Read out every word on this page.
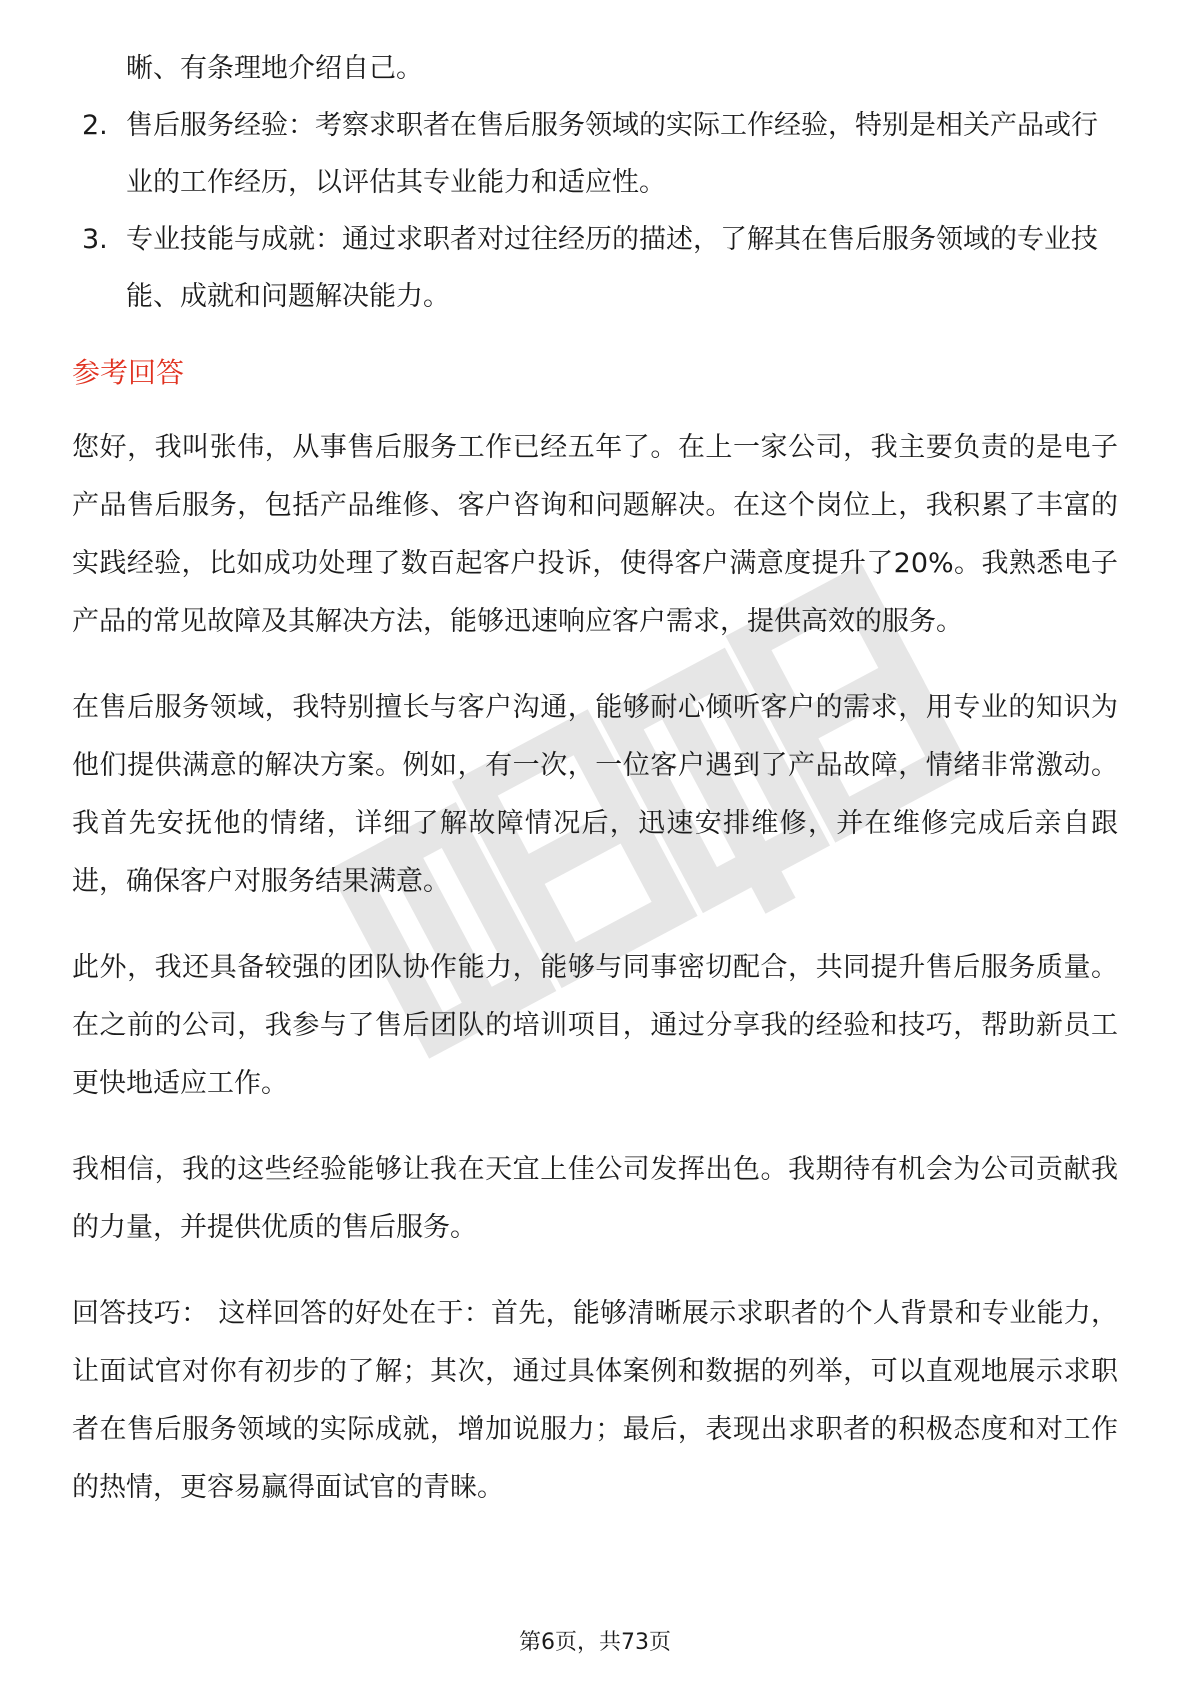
晰、有条理地介绍自己。
2. 售后服务经验：考察求职者在售后服务领域的实际工作经验，特别是相关产品或行业的工作经历，以评估其专业能力和适应性。
3. 专业技能与成就：通过求职者对过往经历的描述，了解其在售后服务领域的专业技能、成就和问题解决能力。
参考回答

您好，我叫张伟，从事售后服务工作已经五年了。在上一家公司，我主要负责的是电子产品售后服务，包括产品维修、客户咨询和问题解决。在这个岗位上，我积累了丰富的实践经验，比如成功处理了数百起客户投诉，使得客户满意度提升了20%。我熟悉电子产品的常见故障及其解决方法，能够迅速响应客户需求，提供高效的服务。

在售后服务领域，我特别擅长与客户沟通，能够耐心倾听客户的需求，用专业的知识为他们提供满意的解决方案。例如，有一次，一位客户遇到了产品故障，情绪非常激动。我首先安抚他的情绪，详细了解故障情况后，迅速安排维修，并在维修完成后亲自跟进，确保客户对服务结果满意。

此外，我还具备较强的团队协作能力，能够与同事密切配合，共同提升售后服务质量。在之前的公司，我参与了售后团队的培训项目，通过分享我的经验和技巧，帮助新员工更快地适应工作。

我相信，我的这些经验能够让我在天宜上佳公司发挥出色。我期待有机会为公司贡献我的力量，并提供优质的售后服务。

回答技巧： 这样回答的好处在于：首先，能够清晰展示求职者的个人背景和专业能力，让面试官对你有初步的了解；其次，通过具体案例和数据的列举，可以直观地展示求职者在售后服务领域的实际成就，增加说服力；最后，表现出求职者的积极态度和对工作的热情，更容易赢得面试官的青睐。

第6页，共73页
